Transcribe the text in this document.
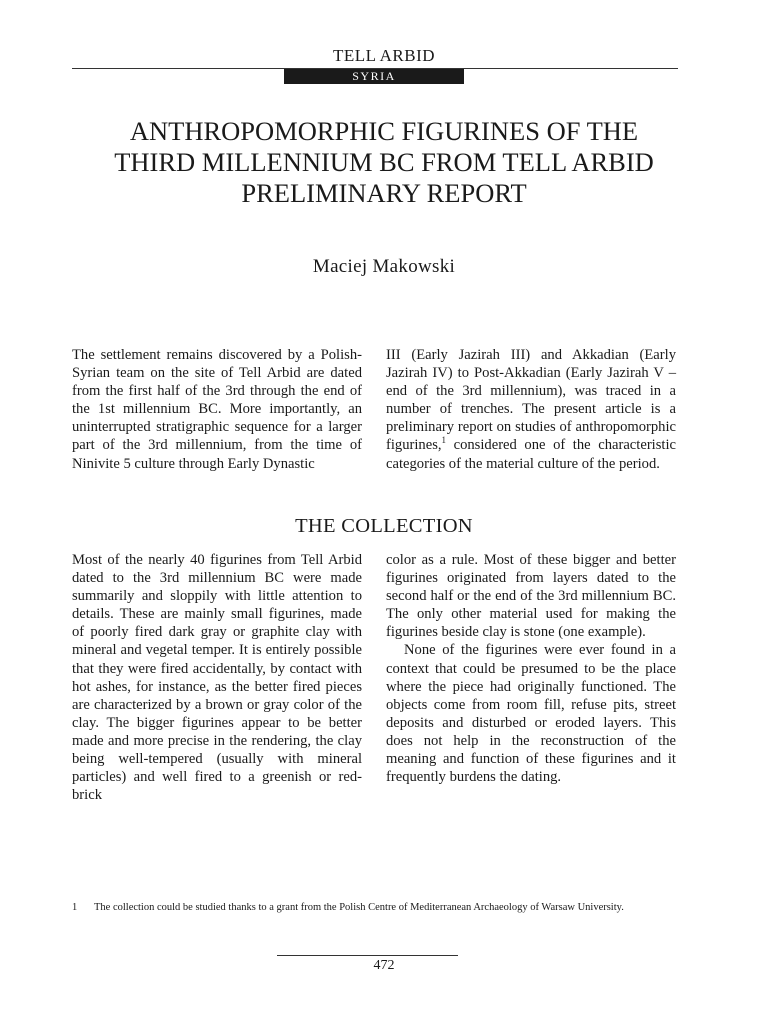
TELL ARBID
SYRIA
ANTHROPOMORPHIC FIGURINES OF THE
THIRD MILLENNIUM BC FROM TELL ARBID
PRELIMINARY REPORT
Maciej Makowski

The settlement remains discovered by a Polish-Syrian team on the site of Tell Arbid are dated from the first half of the 3rd through the end of the 1st millennium BC. More importantly, an uninterrupted stratigraphic sequence for a larger part of the 3rd millennium, from the time of Ninivite 5 culture through Early Dynastic

III (Early Jazirah III) and Akkadian (Early Jazirah IV) to Post-Akkadian (Early Jazirah V – end of the 3rd millennium), was traced in a number of trenches. The present article is a preliminary report on studies of anthropomorphic figurines,$^1$ considered one of the characteristic categories of the material culture of the period.

THE COLLECTION

Most of the nearly 40 figurines from Tell Arbid dated to the 3rd millennium BC were made summarily and sloppily with little attention to details. These are mainly small figurines, made of poorly fired dark gray or graphite clay with mineral and vegetal temper. It is entirely possible that they were fired accidentally, by contact with hot ashes, for instance, as the better fired pieces are characterized by a brown or gray color of the clay. The bigger figurines appear to be better made and more precise in the rendering, the clay being well-tempered (usually with mineral particles) and well fired to a greenish or red-brick

color as a rule. Most of these bigger and better figurines originated from layers dated to the second half or the end of the 3rd millennium BC. The only other material used for making the figurines beside clay is stone (one example).

None of the figurines were ever found in a context that could be presumed to be the place where the piece had originally functioned. The objects come from room fill, refuse pits, street deposits and disturbed or eroded layers. This does not help in the reconstruction of the meaning and function of these figurines and it frequently burdens the dating.

1 The collection could be studied thanks to a grant from the Polish Centre of Mediterranean Archaeology of Warsaw University.
472
